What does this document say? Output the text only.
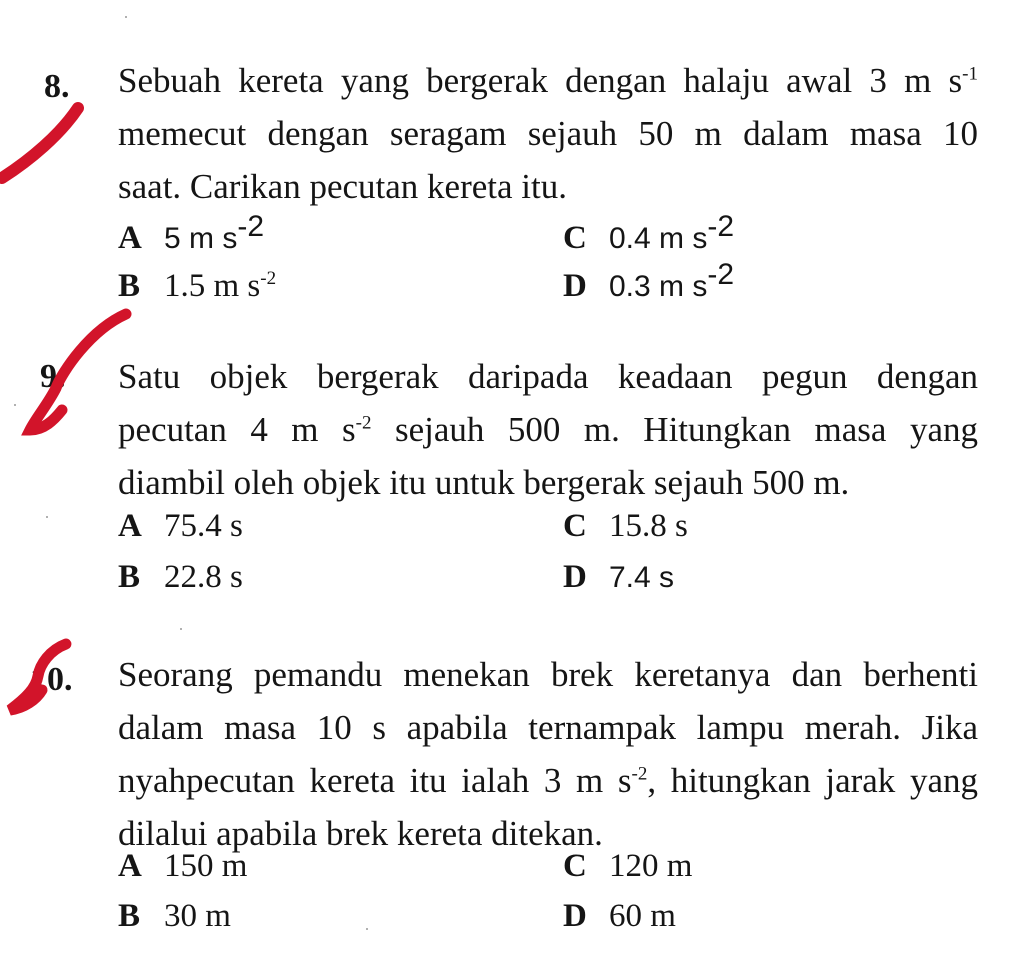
8. Sebuah kereta yang bergerak dengan halaju awal 3 m $s^{-1}$
memecut dengan seragam sejauh 50 m dalam masa 10
saat. Carikan pecutan kereta itu.
A 5 m $s^{-2}$	C 0.4 m $s^{-2}$
B 1.5 m $s^{-2}$	D 0.3 m $s^{-2}$
9. Satu objek bergerak daripada keadaan pegun dengan
pecutan 4 m $s^{-2}$ sejauh 500 m. Hitungkan masa yang
diambil oleh objek itu untuk bergerak sejauh 500 m.
A 75.4 s	C 15.8 s
B 22.8 s	D 7.4 s
10. Seorang pemandu menekan brek keretanya dan berhenti
dalam masa 10 s apabila ternampak lampu merah. Jika
nyahpecutan kereta itu ialah 3 m $s^{-2}$, hitungkan jarak yang
dilalui apabila brek kereta ditekan.
A 150 m	C 120 m
B 30 m	D 60 m
